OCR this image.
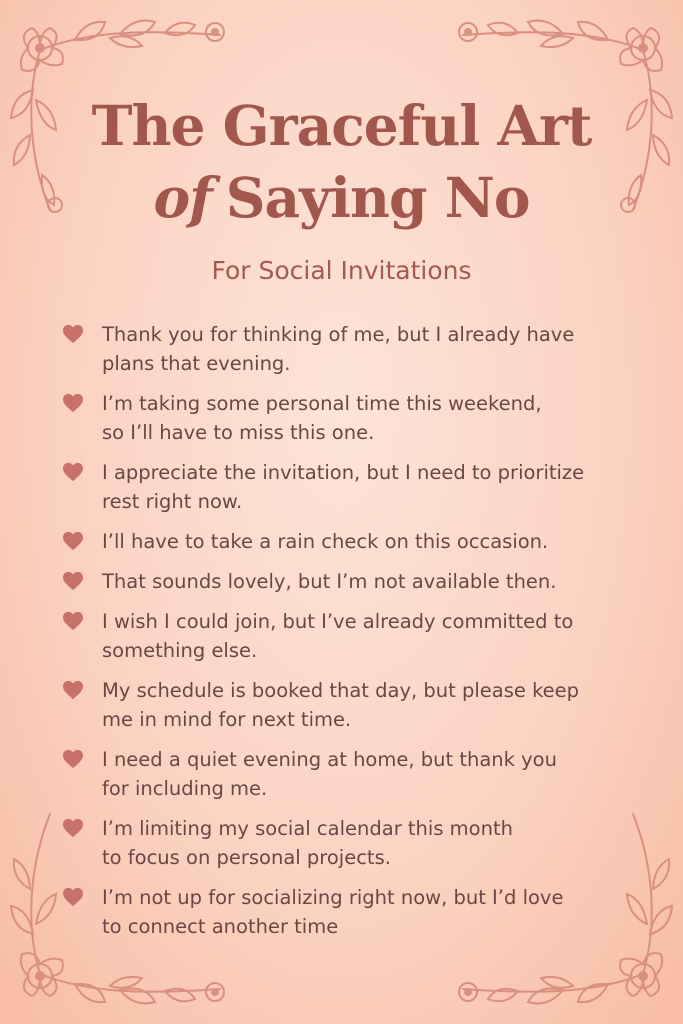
The Graceful Art
of Saying No
For Social Invitations
Thank you for thinking of me, but I already have
plans that evening.
I’m taking some personal time this weekend,
so I’ll have to miss this one.
I appreciate the invitation, but I need to prioritize
rest right now.
I’ll have to take a rain check on this occasion.
That sounds lovely, but I’m not available then.
I wish I could join, but I’ve already committed to
something else.
My schedule is booked that day, but please keep
me in mind for next time.
I need a quiet evening at home, but thank you
for including me.
I’m limiting my social calendar this month
to focus on personal projects.
I’m not up for socializing right now, but I’d love
to connect another time
